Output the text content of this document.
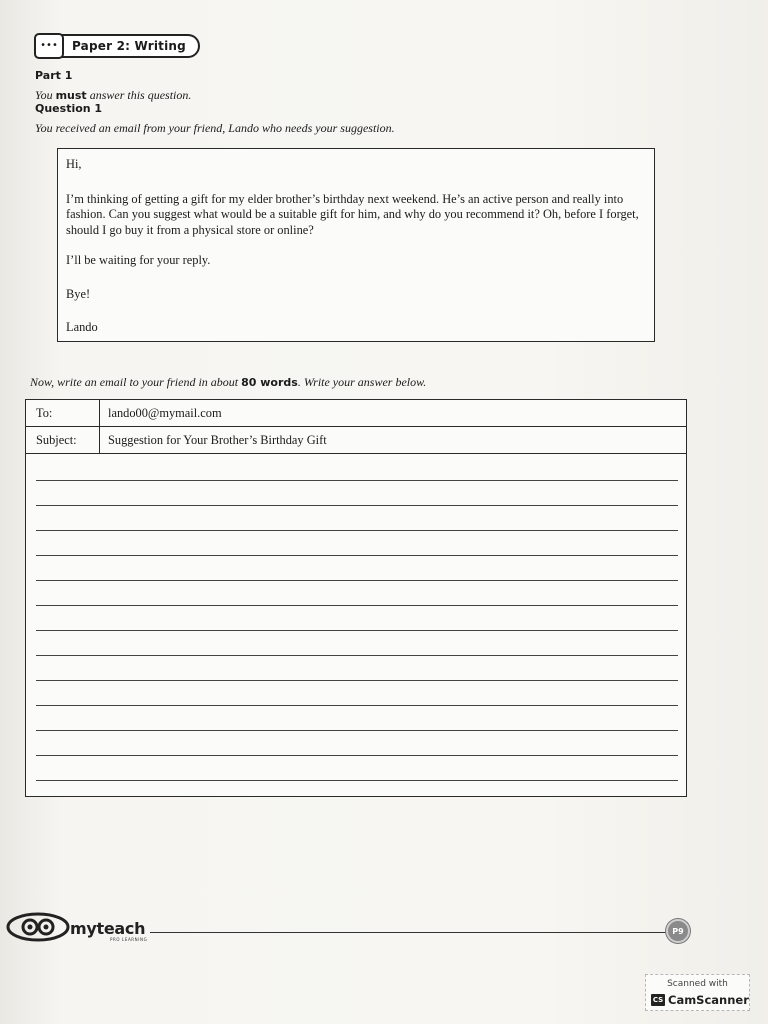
•••	Paper 2: Writing
Part 1
You must answer this question.
Question 1
You received an email from your friend, Lando who needs your suggestion.

Hi,

I’m thinking of getting a gift for my elder brother’s birthday next weekend. He’s an active person and really into fashion. Can you suggest what would be a suitable gift for him, and why do you recommend it? Oh, before I forget, should I go buy it from a physical store or online?

I’ll be waiting for your reply.

Bye!

Lando

Now, write an email to your friend in about 80 words. Write your answer below.
To:	lando00@mymail.com
Subject:	Suggestion for Your Brother’s Birthday Gift
myteach
PRO LEARNING
P9
Scanned with
CS CamScanner
